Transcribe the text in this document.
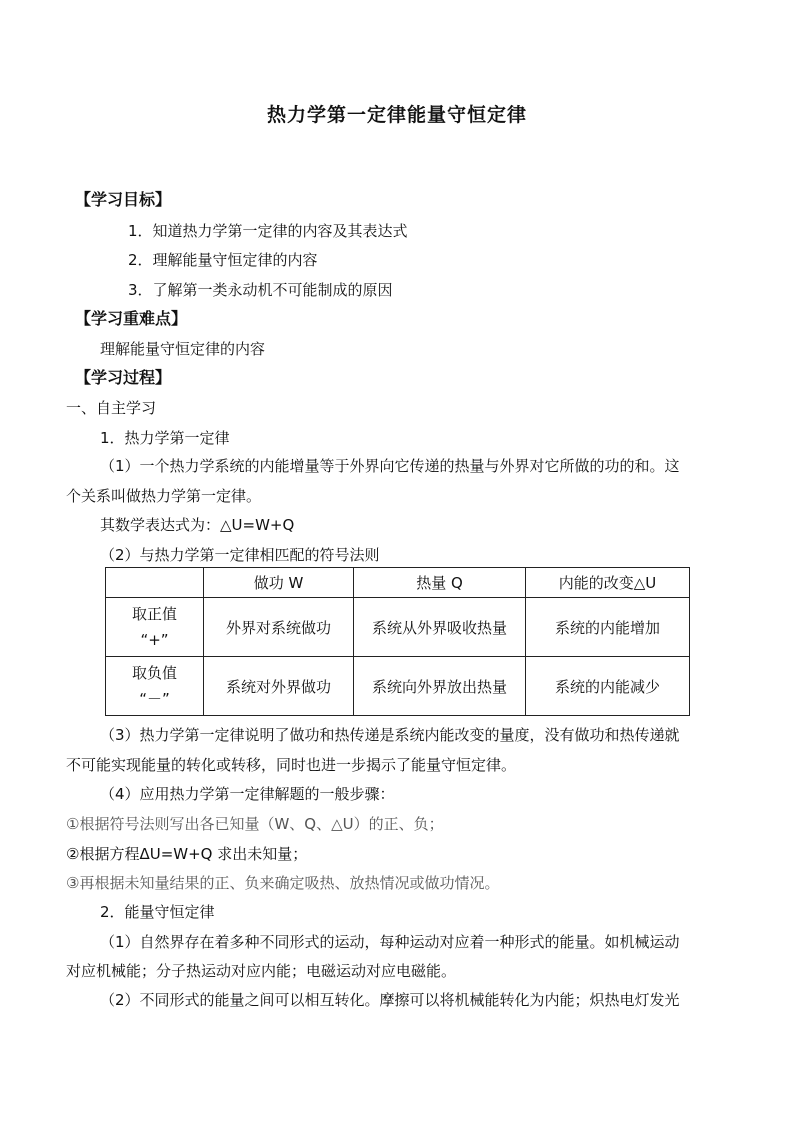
热力学第一定律能量守恒定律
【学习目标】
1．知道热力学第一定律的内容及其表达式
2．理解能量守恒定律的内容
3．了解第一类永动机不可能制成的原因
【学习重难点】
理解能量守恒定律的内容
【学习过程】
一、自主学习
1．热力学第一定律
（1）一个热力学系统的内能增量等于外界向它传递的热量与外界对它所做的功的和。这
个关系叫做热力学第一定律。
其数学表达式为：△U=W+Q
（2）与热力学第一定律相匹配的符号法则
	做功 W	热量 Q	内能的改变△U

取正值
“+”	外界对系统做功	系统从外界吸收热量	系统的内能增加

取负值
“－”	系统对外界做功	系统向外界放出热量	系统的内能减少
（3）热力学第一定律说明了做功和热传递是系统内能改变的量度，没有做功和热传递就
不可能实现能量的转化或转移，同时也进一步揭示了能量守恒定律。
（4）应用热力学第一定律解题的一般步骤：
①根据符号法则写出各已知量（W、Q、△U）的正、负；
②根据方程ΔU=W+Q 求出未知量；
③再根据未知量结果的正、负来确定吸热、放热情况或做功情况。
2．能量守恒定律
（1）自然界存在着多种不同形式的运动，每种运动对应着一种形式的能量。如机械运动
对应机械能；分子热运动对应内能；电磁运动对应电磁能。
（2）不同形式的能量之间可以相互转化。摩擦可以将机械能转化为内能；炽热电灯发光
